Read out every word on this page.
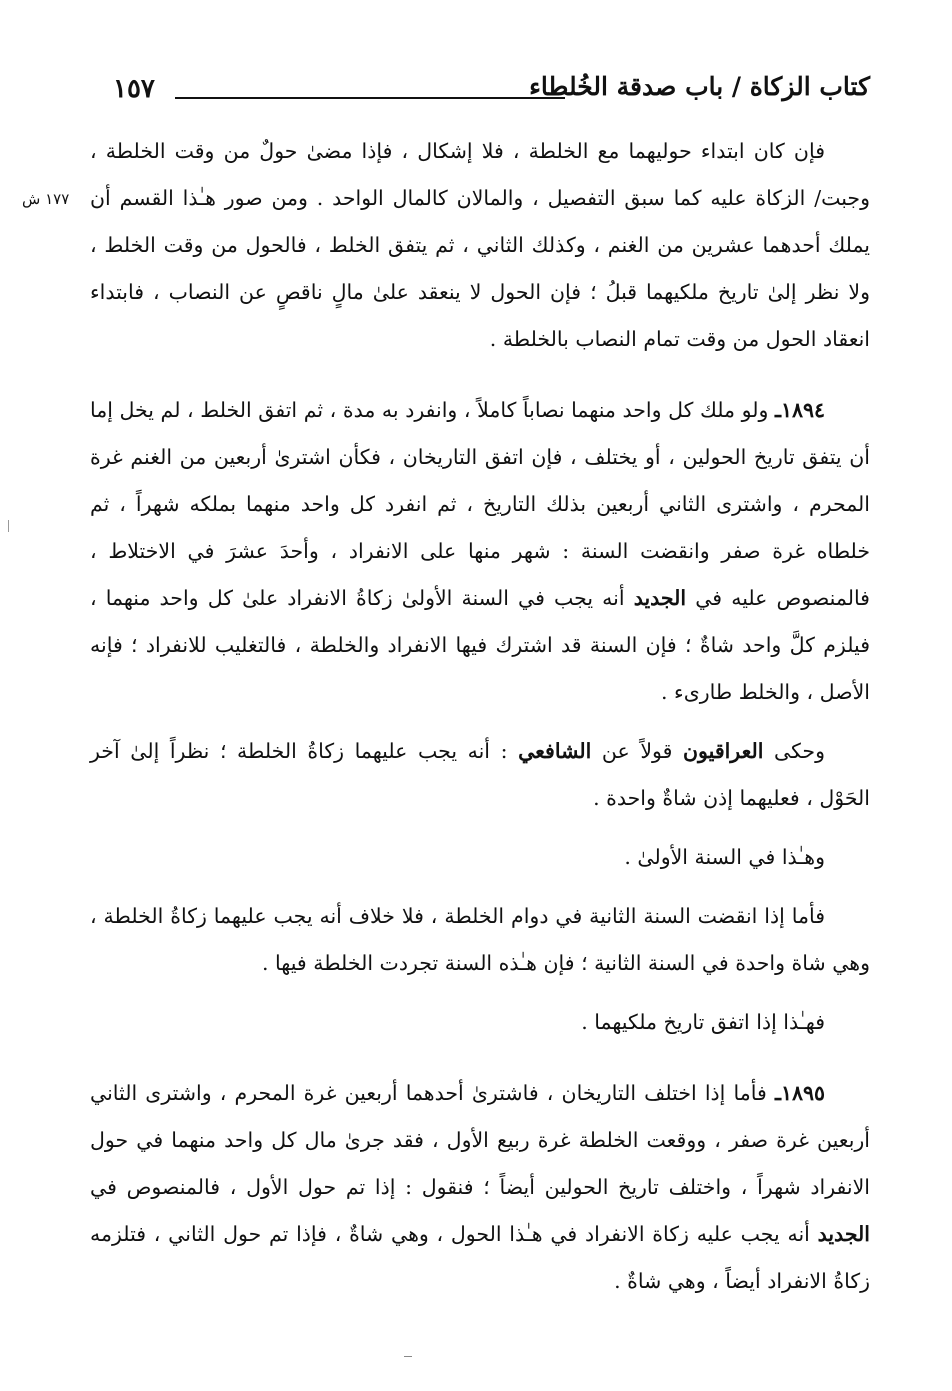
١٥٧	كتاب الزكاة / باب صدقة الخُلطاء
١٧٧ ش

فإن كان ابتداء حوليهما مع الخلطة ، فلا إشكال ، فإذا مضىٰ حولٌ من وقت الخلطة ، وجبت/ الزكاة عليه كما سبق التفصيل ، والمالان كالمال الواحد . ومن صور هـٰذا القسم أن يملك أحدهما عشرين من الغنم ، وكذلك الثاني ، ثم يتفق الخلط ، فالحول من وقت الخلط ، ولا نظر إلىٰ تاريخ ملكيهما قبلُ ؛ فإن الحول لا ينعقد علىٰ مالٍ ناقصٍ عن النصاب ، فابتداء انعقاد الحول من وقت تمام النصاب بالخلطة .

١٨٩٤ـ ولو ملك كل واحد منهما نصاباً كاملاً ، وانفرد به مدة ، ثم اتفق الخلط ، لم يخل إما أن يتفق تاريخ الحولين ، أو يختلف ، فإن اتفق التاريخان ، فكأن اشترىٰ أربعين من الغنم غرة المحرم ، واشترى الثاني أربعين بذلك التاريخ ، ثم انفرد كل واحد منهما بملكه شهراً ، ثم خلطاه غرة صفر وانقضت السنة : شهر منها على الانفراد ، وأحدَ عشرَ في الاختلاط ، فالمنصوص عليه في الجديد أنه يجب في السنة الأولىٰ زكاةُ الانفراد علىٰ كل واحد منهما ، فيلزم كلَّ واحد شاةٌ ؛ فإن السنة قد اشترك فيها الانفراد والخلطة ، فالتغليب للانفراد ؛ فإنه الأصل ، والخلط طارىء .

وحكى العراقيون قولاً عن الشافعي : أنه يجب عليهما زكاةُ الخلطة ؛ نظراً إلىٰ آخر الحَوْل ، فعليهما إذن شاةٌ واحدة .

وهـٰذا في السنة الأولىٰ .

فأما إذا انقضت السنة الثانية في دوام الخلطة ، فلا خلاف أنه يجب عليهما زكاةُ الخلطة ، وهي شاة واحدة في السنة الثانية ؛ فإن هـٰذه السنة تجردت الخلطة فيها .

فهـٰذا إذا اتفق تاريخ ملكيهما .

١٨٩٥ـ فأما إذا اختلف التاريخان ، فاشترىٰ أحدهما أربعين غرة المحرم ، واشترى الثاني أربعين غرة صفر ، ووقعت الخلطة غرة ربيع الأول ، فقد جرىٰ مال كل واحد منهما في حول الانفراد شهراً ، واختلف تاريخ الحولين أيضاً ؛ فنقول : إذا تم حول الأول ، فالمنصوص في الجديد أنه يجب عليه زكاة الانفراد في هـٰذا الحول ، وهي شاةٌ ، فإذا تم حول الثاني ، فتلزمه زكاةُ الانفراد أيضاً ، وهي شاةٌ .
